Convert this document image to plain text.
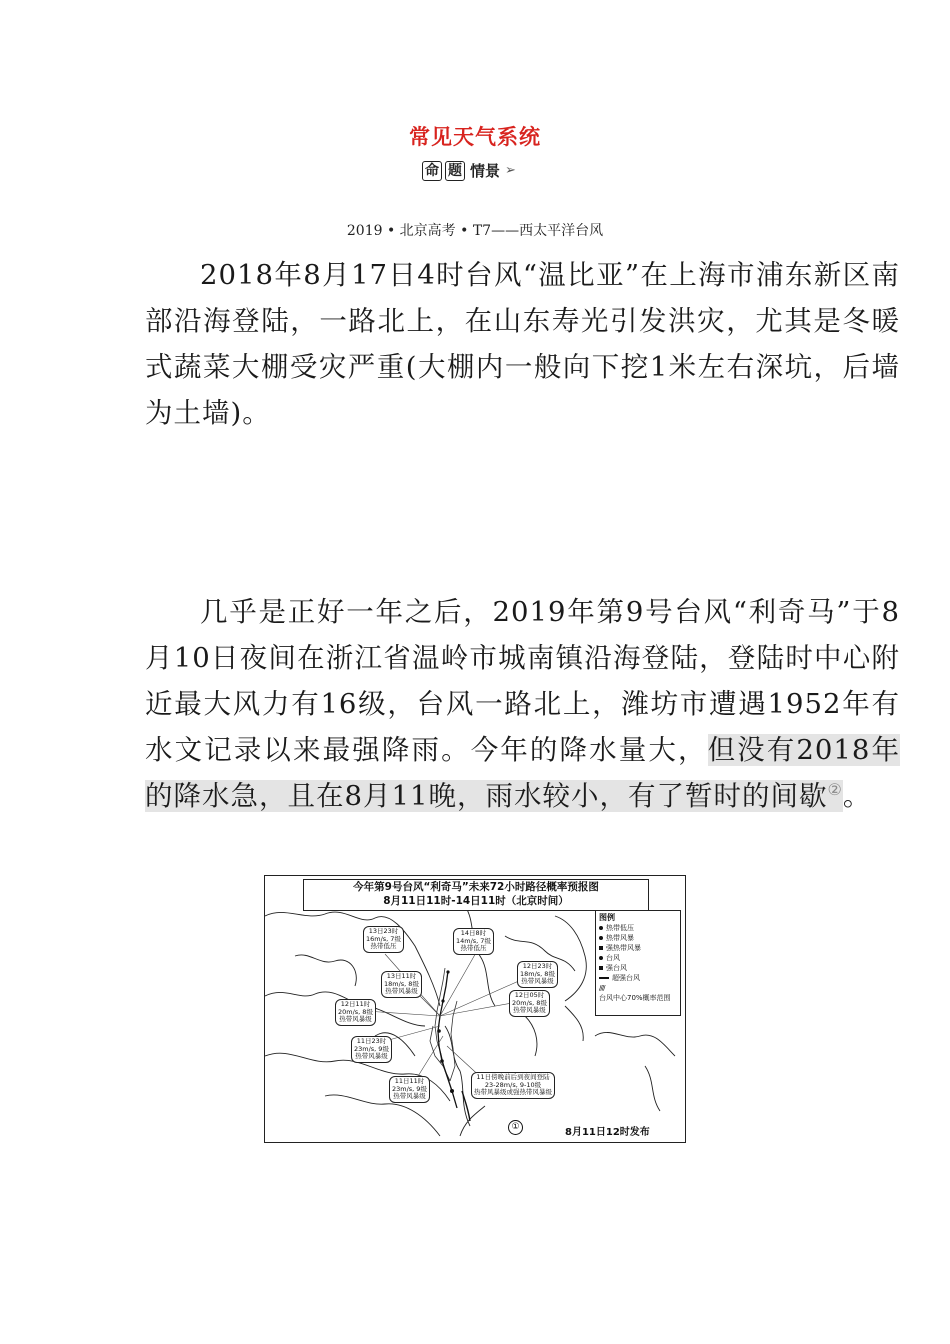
常见天气系统
命 题 情景 ➢
2019 • 北京高考 • T7——西太平洋台风

2018年8月17日4时台风“温比亚”在上海市浦东新区南部沿海登陆，一路北上，在山东寿光引发洪灾，尤其是冬暖式蔬菜大棚受灾严重(大棚内一般向下挖1米左右深坑，后墙为土墙)。

几乎是正好一年之后，2019年第9号台风“利奇马”于8月10日夜间在浙江省温岭市城南镇沿海登陆，登陆时中心附近最大风力有16级，台风一路北上，潍坊市遭遇1952年有水文记录以来最强降雨。今年的降水量大，但没有2018年的降水急，且在8月11晚，雨水较小，有了暂时的间歇②。

今年第9号台风“利奇马”未来72小时路径概率预报图
8月11日11时-14日11时（北京时间）
图例
热带低压
热带风暴
强热带风暴
台风
强台风
超强台风
////
台风中心70%概率范围
13日23时
16m/s, 7级
热带低压
14日8时
14m/s, 7级
热带低压
13日11时
18m/s, 8级
热带风暴级
12日23时
18m/s, 8级
热带风暴级
12日05时
20m/s, 8级
热带风暴级
12日11时
20m/s, 8级
热带风暴级
11日23时
23m/s, 9级
热带风暴级
11日11时
23m/s, 9级
热带风暴级
11日傍晚前后到夜间登陆
23-28m/s, 9-10级
热带风暴级或强热带风暴级
①	8月11日12时发布
